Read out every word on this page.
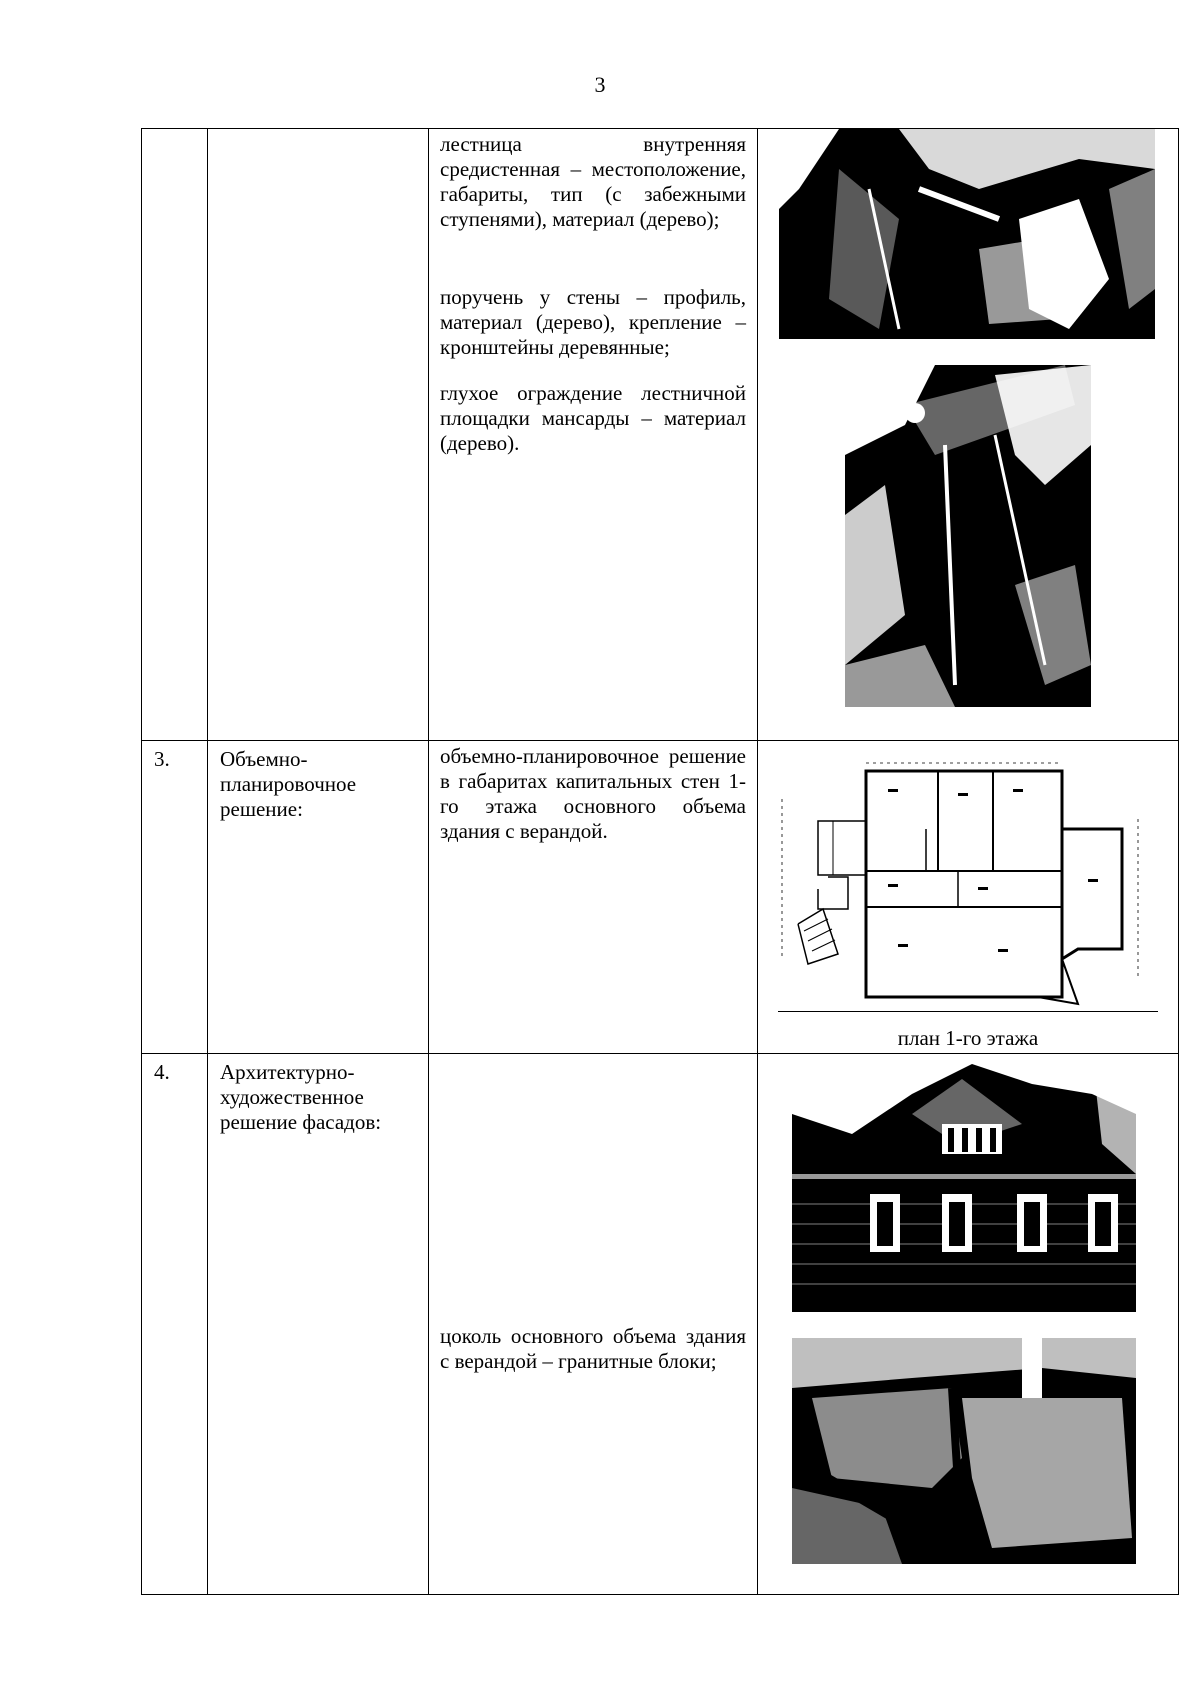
3

		лестница внутренняя средистенная – местоположение, габариты, тип (с забежными ступенями), материал (дерево);

поручень у стены – профиль, материал (дерево), крепление – кронштейны деревянные;

глухое ограждение лестничной площадки мансарды – материал (дерево).

3.	Объемно-планировочное решение:	объемно-планировочное решение в габаритах капитальных стен 1-го этажа основного объема здания с верандой.	план 1-го этажа

4.	Архитектурно-художественное решение фасадов:	цоколь основного объема здания с верандой – гранитные блоки;
